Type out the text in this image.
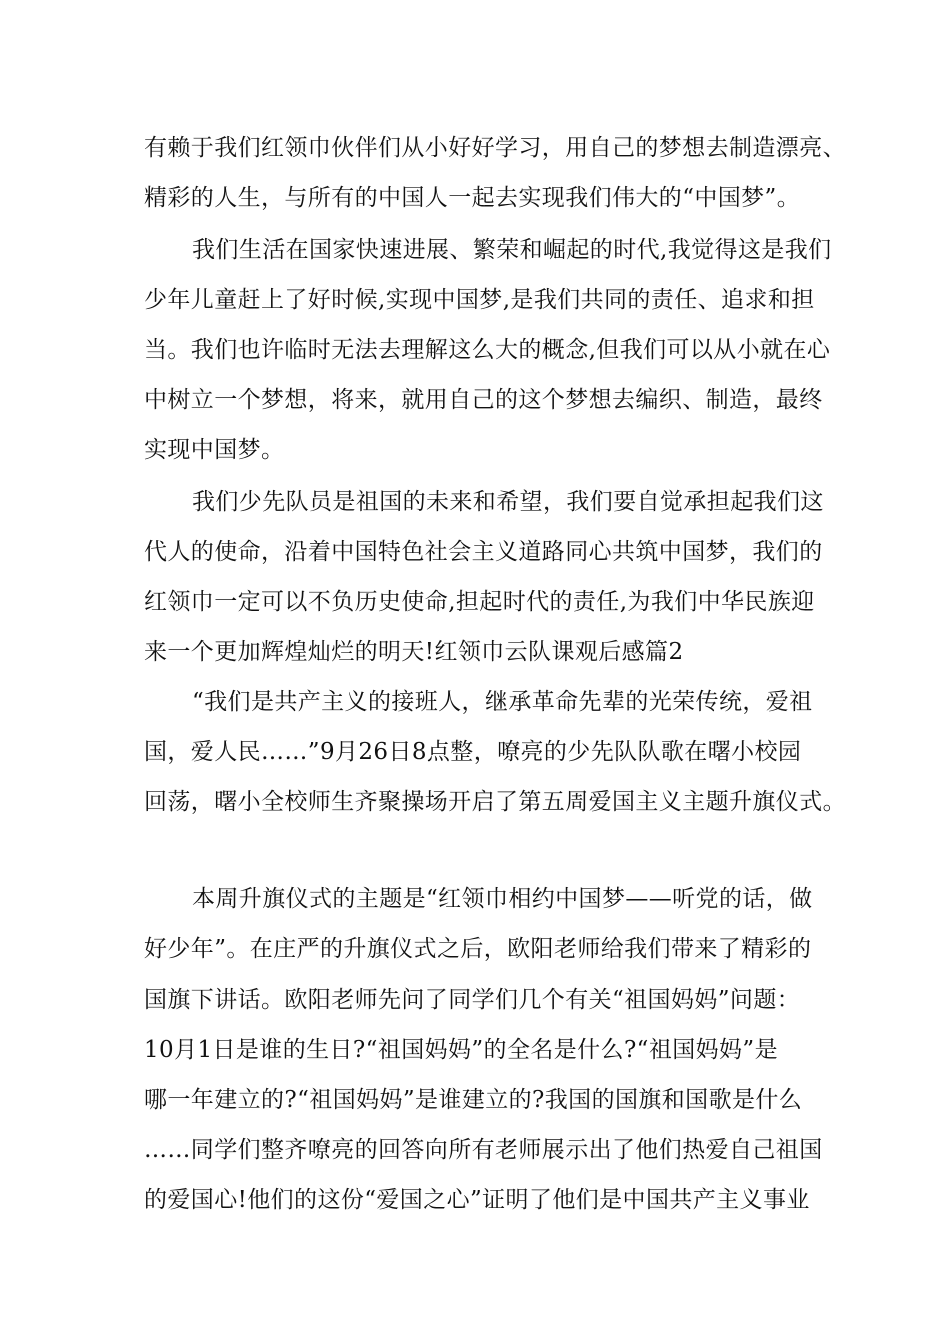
有赖于我们红领巾伙伴们从小好好学习，用自己的梦想去制造漂亮、
精彩的人生，与所有的中国人一起去实现我们伟大的“中国梦”。
我们生活在国家快速进展、繁荣和崛起的时代,我觉得这是我们
少年儿童赶上了好时候,实现中国梦,是我们共同的责任、追求和担
当。我们也许临时无法去理解这么大的概念,但我们可以从小就在心
中树立一个梦想，将来，就用自己的这个梦想去编织、制造，最终
实现中国梦。
我们少先队员是祖国的未来和希望，我们要自觉承担起我们这
代人的使命，沿着中国特色社会主义道路同心共筑中国梦，我们的
红领巾一定可以不负历史使命,担起时代的责任,为我们中华民族迎
来一个更加辉煌灿烂的明天!红领巾云队课观后感篇2
“我们是共产主义的接班人，继承革命先辈的光荣传统，爱祖
国，爱人民……”9月26日8点整，嘹亮的少先队队歌在曙小校园
回荡，曙小全校师生齐聚操场开启了第五周爱国主义主题升旗仪式。
本周升旗仪式的主题是“红领巾相约中国梦——听党的话，做
好少年”。在庄严的升旗仪式之后，欧阳老师给我们带来了精彩的
国旗下讲话。欧阳老师先问了同学们几个有关“祖国妈妈”问题：
10月1日是谁的生日?“祖国妈妈”的全名是什么?“祖国妈妈”是
哪一年建立的?“祖国妈妈”是谁建立的?我国的国旗和国歌是什么
……同学们整齐嘹亮的回答向所有老师展示出了他们热爱自己祖国
的爱国心!他们的这份“爱国之心”证明了他们是中国共产主义事业
